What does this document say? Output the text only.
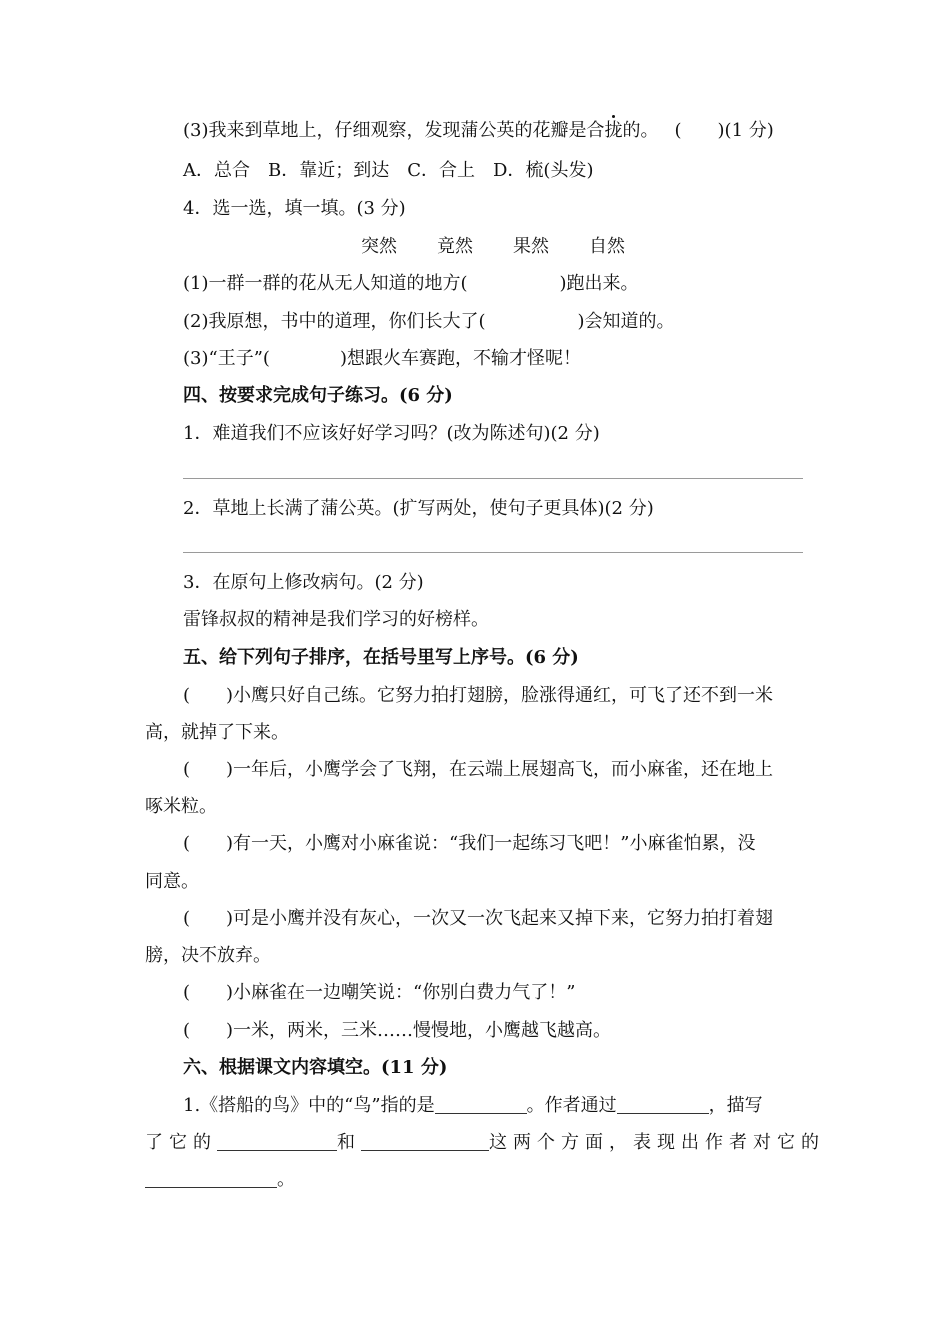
(3)我来到草地上，仔细观察，发现蒲公英的花瓣是合拢的。 (　　)(1 分)
A．总合　B．靠近；到达　C．合上　D．梳(头发)
4．选一选，填一填。(3 分)
突然 竟然 果然 自然
(1)一群一群的花从无人知道的地方(	)跑出来。
(2)我原想，书中的道理，你们长大了(	)会知道的。
(3)“王子”(	)想跟火车赛跑，不输才怪呢！
四、按要求完成句子练习。(6 分)
1．难道我们不应该好好学习吗？(改为陈述句)(2 分)
2．草地上长满了蒲公英。(扩写两处，使句子更具体)(2 分)
3．在原句上修改病句。(2 分)
雷锋叔叔的精神是我们学习的好榜样。
五、给下列句子排序，在括号里写上序号。(6 分)
(　　)小鹰只好自己练。它努力拍打翅膀，脸涨得通红，可飞了还不到一米
高，就掉了下来。
(　　)一年后，小鹰学会了飞翔，在云端上展翅高飞，而小麻雀，还在地上
啄米粒。
(　　)有一天，小鹰对小麻雀说：“我们一起练习飞吧！”小麻雀怕累，没
同意。
(　　)可是小鹰并没有灰心，一次又一次飞起来又掉下来，它努力拍打着翅
膀，决不放弃。
(　　)小麻雀在一边嘲笑说：“你别白费力气了！”
(　　)一米，两米，三米……慢慢地，小鹰越飞越高。
六、根据课文内容填空。(11 分)
1.《搭船的鸟》中的“鸟”指的是	。作者通过	，描写
了它的	和	这两个方面，表现出作者对它的
。
